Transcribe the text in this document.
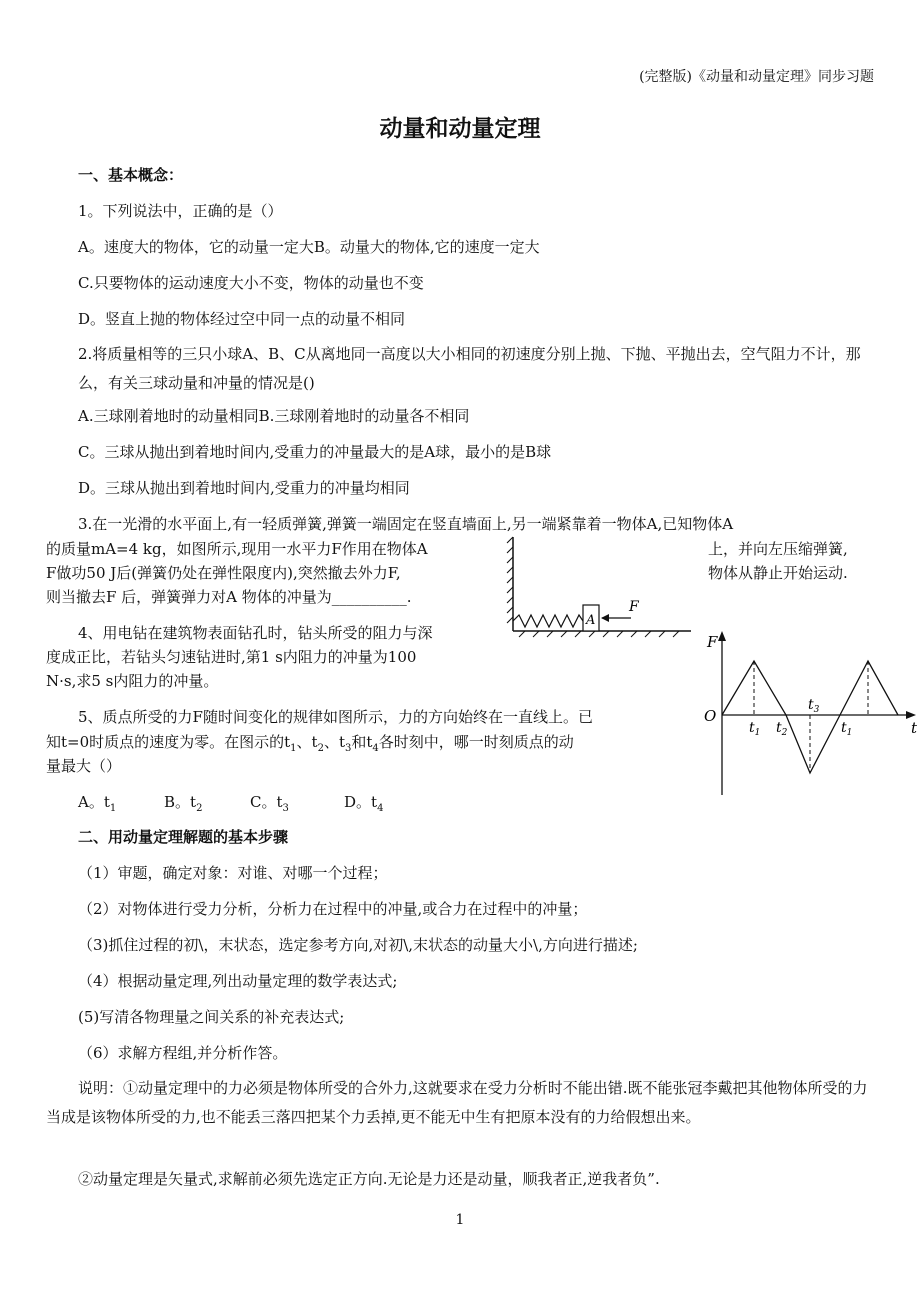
(完整版)《动量和动量定理》同步习题
动量和动量定理
一、基本概念：
1。下列说法中，正确的是（）
A。速度大的物体，它的动量一定大B。动量大的物体,它的速度一定大
C.只要物体的运动速度大小不变，物体的动量也不变
D。竖直上抛的物体经过空中同一点的动量不相同
2.将质量相等的三只小球A、B、C从离地同一高度以大小相同的初速度分别上抛、下抛、平抛出去，空气阻力不计，那么，有关三球动量和冲量的情况是()
A.三球刚着地时的动量相同B.三球刚着地时的动量各不相同
C。三球从抛出到着地时间内,受重力的冲量最大的是A球，最小的是B球
D。三球从抛出到着地时间内,受重力的冲量均相同
3.在一光滑的水平面上,有一轻质弹簧,弹簧一端固定在竖直墙面上,另一端紧靠着一物体A,已知物体A
的质量mA=4 kg，如图所示,现用一水平力F作用在物体A	上，并向左压缩弹簧,
F做功50 J后(弹簧仍处在弹性限度内),突然撤去外力F,	物体从静止开始运动.
则当撤去F 后，弹簧弹力对A 物体的冲量为__________.
A
F
4、用电钻在建筑物表面钻孔时，钻头所受的阻力与深
度成正比，若钻头匀速钻进时,第1 s内阻力的冲量为100
N·s,求5 s内阻力的冲量。
5、质点所受的力F随时间变化的规律如图所示，力的方向始终在一直线上。已
知t=0时质点的速度为零。在图示的$t_1$、$t_2$、$t_3$和$t_4$各时刻中，哪一时刻质点的动
量最大（）
A。$t_1$	B。$t_2$	C。$t_3$	D。$t_4$
F
t
O
$t_1$ $t_2$
$t_3$
$t_1$
二、用动量定理解题的基本步骤
（1）审题，确定对象：对谁、对哪一个过程；
（2）对物体进行受力分析，分析力在过程中的冲量,或合力在过程中的冲量；
（3)抓住过程的初\，末状态，选定参考方向,对初\,末状态的动量大小\,方向进行描述;
（4）根据动量定理,列出动量定理的数学表达式;
(5)写清各物理量之间关系的补充表达式;
（6）求解方程组,并分析作答。
说明：①动量定理中的力必须是物体所受的合外力,这就要求在受力分析时不能出错.既不能张冠李戴把其他物体所受的力当成是该物体所受的力,也不能丢三落四把某个力丢掉,更不能无中生有把原本没有的力给假想出来。
②动量定理是矢量式,求解前必须先选定正方向.无论是力还是动量，顺我者正,逆我者负”.
1
